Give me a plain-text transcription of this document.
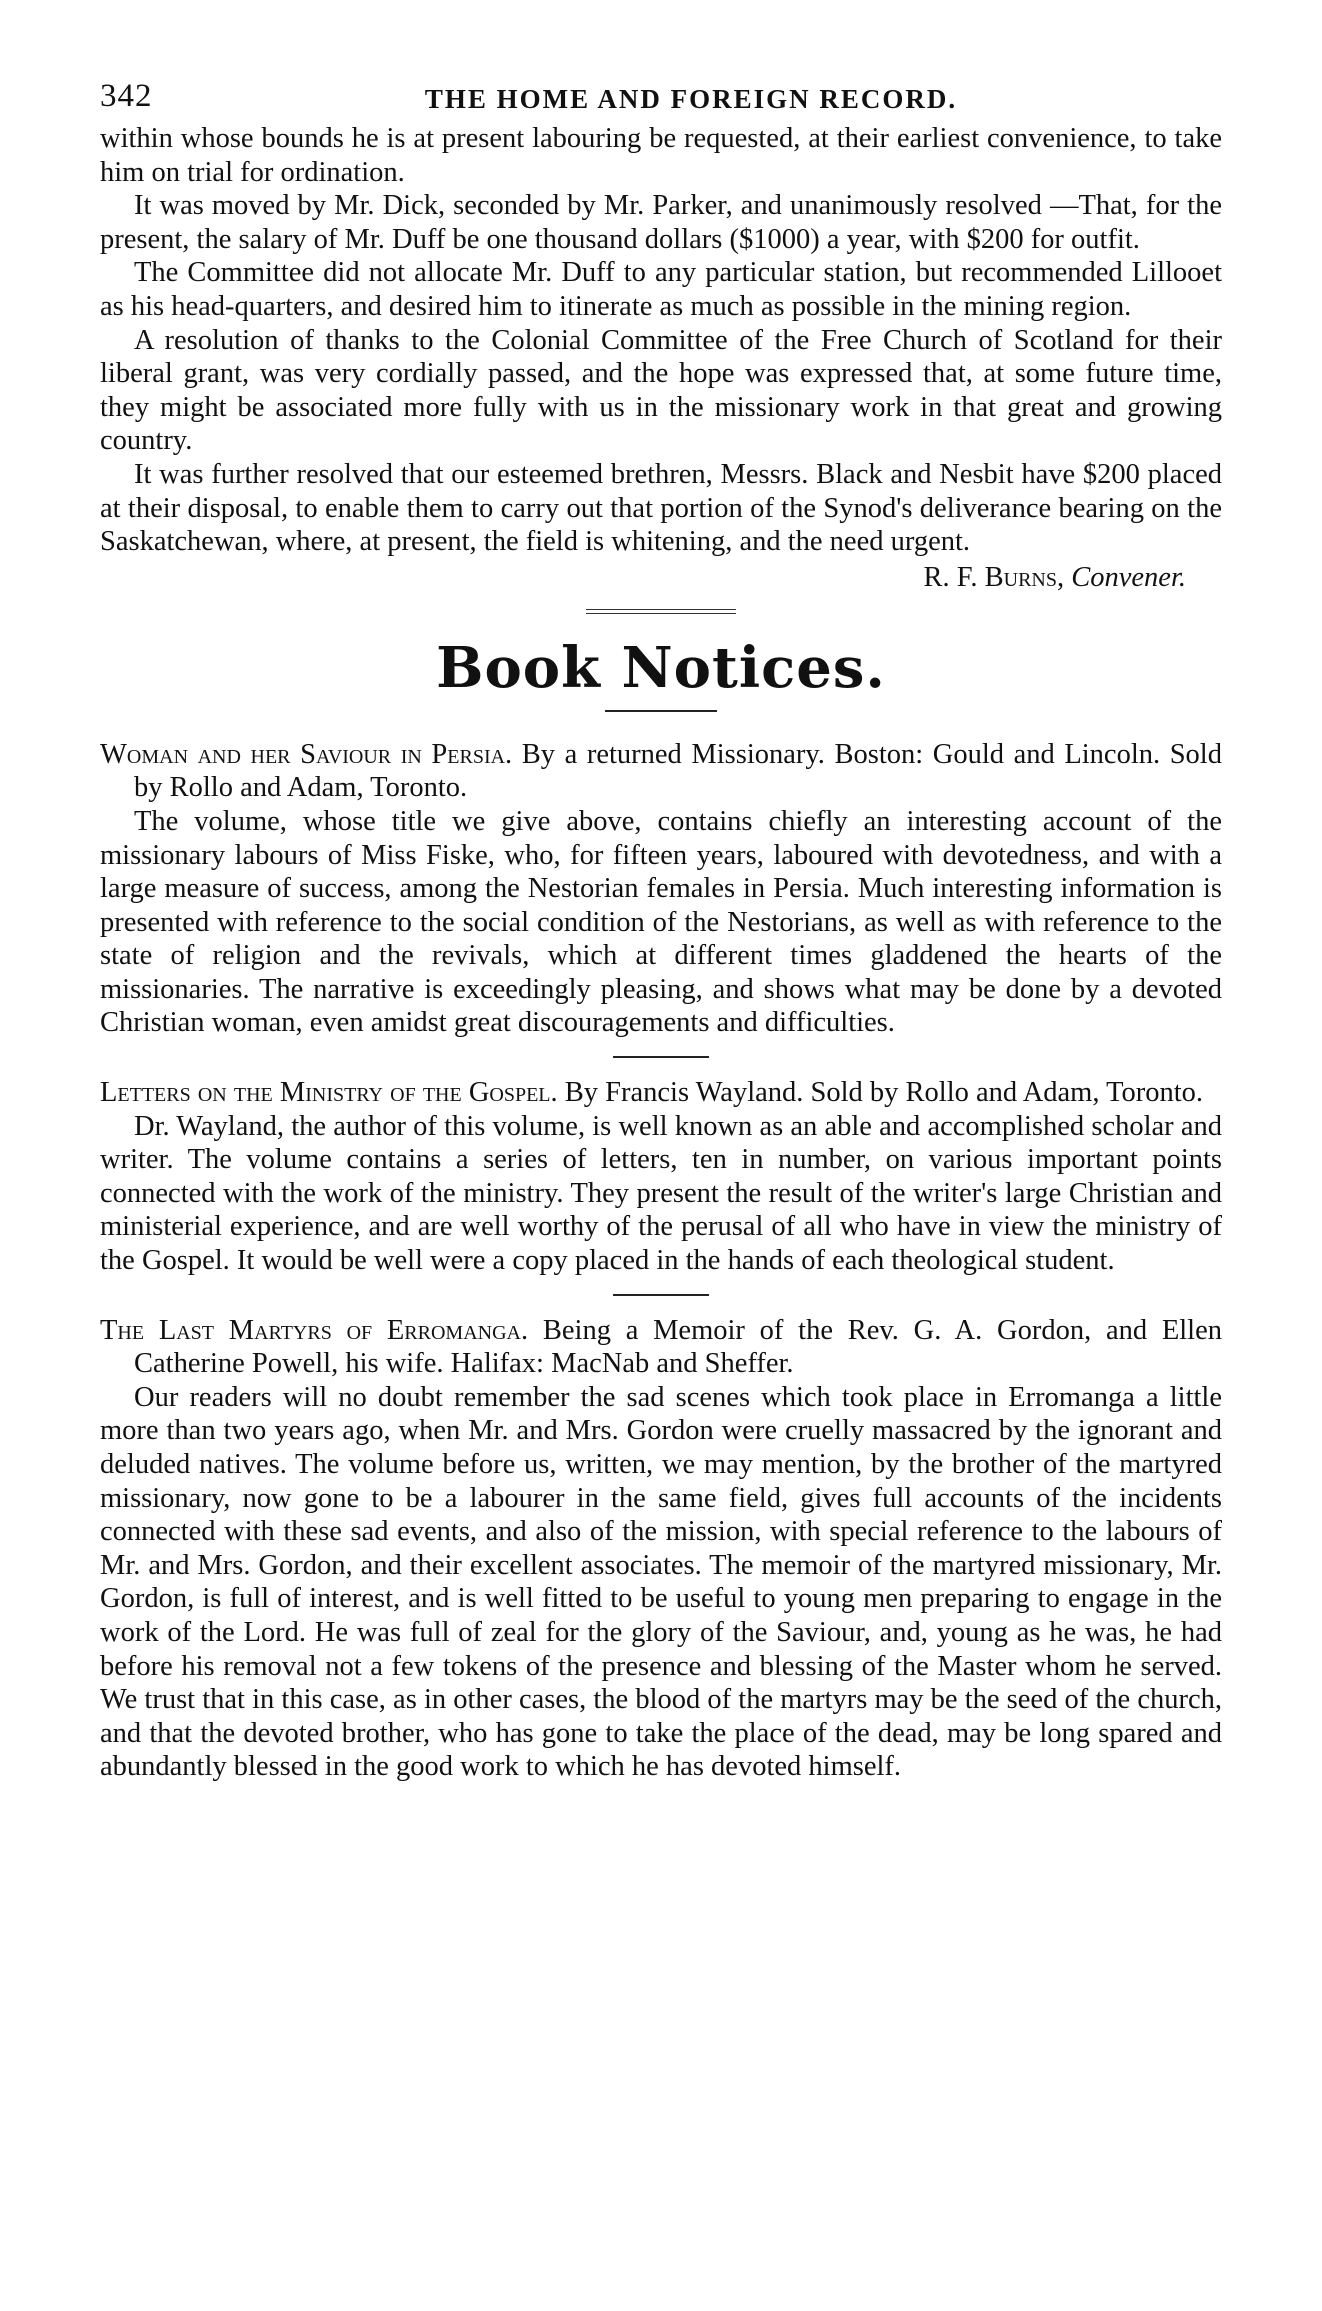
342	THE HOME AND FOREIGN RECORD.

within whose bounds he is at present labouring be requested, at their earliest convenience, to take him on trial for ordination.

It was moved by Mr. Dick, seconded by Mr. Parker, and unanimously resolved —That, for the present, the salary of Mr. Duff be one thousand dollars ($1000) a year, with $200 for outfit.

The Committee did not allocate Mr. Duff to any particular station, but recommended Lillooet as his head-quarters, and desired him to itinerate as much as possible in the mining region.

A resolution of thanks to the Colonial Committee of the Free Church of Scotland for their liberal grant, was very cordially passed, and the hope was expressed that, at some future time, they might be associated more fully with us in the missionary work in that great and growing country.

It was further resolved that our esteemed brethren, Messrs. Black and Nesbit have $200 placed at their disposal, to enable them to carry out that portion of the Synod's deliverance bearing on the Saskatchewan, where, at present, the field is whitening, and the need urgent.

R. F. Burns, Convener.

Book Notices.

Woman and her Saviour in Persia. By a returned Missionary. Boston: Gould and Lincoln. Sold by Rollo and Adam, Toronto.

The volume, whose title we give above, contains chiefly an interesting account of the missionary labours of Miss Fiske, who, for fifteen years, laboured with devotedness, and with a large measure of success, among the Nestorian females in Persia. Much interesting information is presented with reference to the social condition of the Nestorians, as well as with reference to the state of religion and the revivals, which at different times gladdened the hearts of the missionaries. The narrative is exceedingly pleasing, and shows what may be done by a devoted Christian woman, even amidst great discouragements and difficulties.

Letters on the Ministry of the Gospel. By Francis Wayland. Sold by Rollo and Adam, Toronto.

Dr. Wayland, the author of this volume, is well known as an able and accomplished scholar and writer. The volume contains a series of letters, ten in number, on various important points connected with the work of the ministry. They present the result of the writer's large Christian and ministerial experience, and are well worthy of the perusal of all who have in view the ministry of the Gospel. It would be well were a copy placed in the hands of each theological student.

The Last Martyrs of Erromanga. Being a Memoir of the Rev. G. A. Gordon, and Ellen Catherine Powell, his wife. Halifax: MacNab and Sheffer.

Our readers will no doubt remember the sad scenes which took place in Erromanga a little more than two years ago, when Mr. and Mrs. Gordon were cruelly massacred by the ignorant and deluded natives. The volume before us, written, we may mention, by the brother of the martyred missionary, now gone to be a labourer in the same field, gives full accounts of the incidents connected with these sad events, and also of the mission, with special reference to the labours of Mr. and Mrs. Gordon, and their excellent associates. The memoir of the martyred missionary, Mr. Gordon, is full of interest, and is well fitted to be useful to young men preparing to engage in the work of the Lord. He was full of zeal for the glory of the Saviour, and, young as he was, he had before his removal not a few tokens of the presence and blessing of the Master whom he served. We trust that in this case, as in other cases, the blood of the martyrs may be the seed of the church, and that the devoted brother, who has gone to take the place of the dead, may be long spared and abundantly blessed in the good work to which he has devoted himself.
